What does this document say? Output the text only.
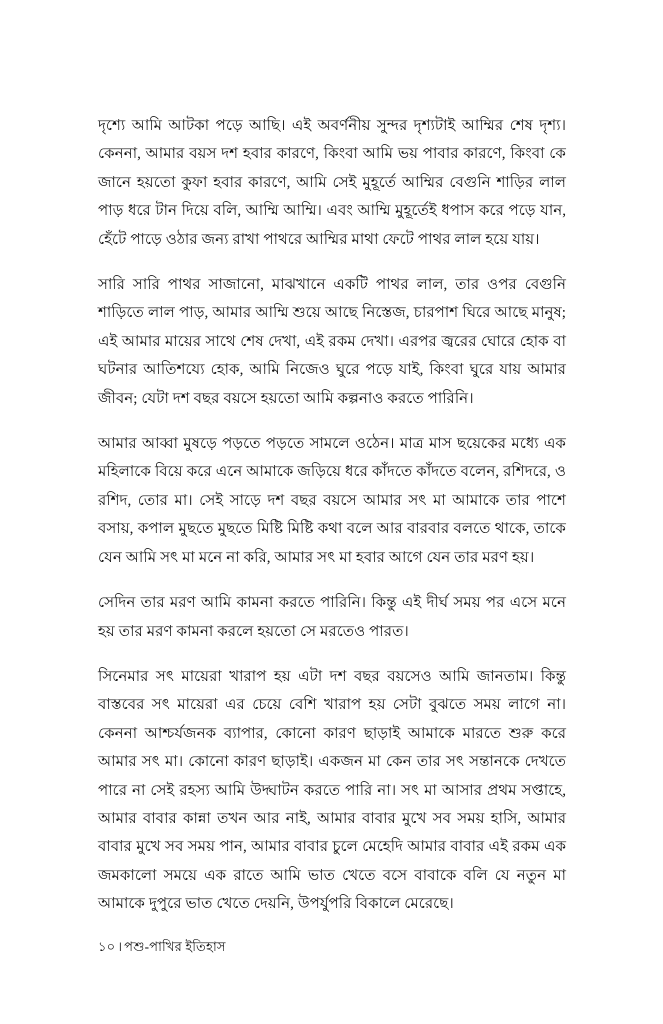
দৃশ্যে আমি আটকা পড়ে আছি। এই অবর্ণনীয় সুন্দর দৃশ্যটাই আম্মির শেষ দৃশ্য। কেননা, আমার বয়স দশ হবার কারণে, কিংবা আমি ভয় পাবার কারণে, কিংবা কে জানে হয়তো কুফা হবার কারণে, আমি সেই মুহূর্তে আম্মির বেগুনি শাড়ির লাল পাড় ধরে টান দিয়ে বলি, আম্মি আম্মি। এবং আম্মি মুহূর্তেই ধপাস করে পড়ে যান, হেঁটে পাড়ে ওঠার জন্য রাখা পাথরে আম্মির মাথা ফেটে পাথর লাল হয়ে যায়।

সারি সারি পাথর সাজানো, মাঝখানে একটি পাথর লাল, তার ওপর বেগুনি শাড়িতে লাল পাড়, আমার আম্মি শুয়ে আছে নিস্তেজ, চারপাশ ঘিরে আছে মানুষ; এই আমার মায়ের সাথে শেষ দেখা, এই রকম দেখা। এরপর জ্বরের ঘোরে হোক বা ঘটনার আতিশয্যে হোক, আমি নিজেও ঘুরে পড়ে যাই, কিংবা ঘুরে যায় আমার জীবন; যেটা দশ বছর বয়সে হয়তো আমি কল্পনাও করতে পারিনি।

আমার আব্বা মুষড়ে পড়তে পড়তে সামলে ওঠেন। মাত্র মাস ছয়েকের মধ্যে এক মহিলাকে বিয়ে করে এনে আমাকে জড়িয়ে ধরে কাঁদতে কাঁদতে বলেন, রশিদরে, ও রশিদ, তোর মা। সেই সাড়ে দশ বছর বয়সে আমার সৎ মা আমাকে তার পাশে বসায়, কপাল মুছতে মুছতে মিষ্টি মিষ্টি কথা বলে আর বারবার বলতে থাকে, তাকে যেন আমি সৎ মা মনে না করি, আমার সৎ মা হবার আগে যেন তার মরণ হয়।

সেদিন তার মরণ আমি কামনা করতে পারিনি। কিন্তু এই দীর্ঘ সময় পর এসে মনে হয় তার মরণ কামনা করলে হয়তো সে মরতেও পারত।

সিনেমার সৎ মায়েরা খারাপ হয় এটা দশ বছর বয়সেও আমি জানতাম। কিন্তু বাস্তবের সৎ মায়েরা এর চেয়ে বেশি খারাপ হয় সেটা বুঝতে সময় লাগে না। কেননা আশ্চর্যজনক ব্যাপার, কোনো কারণ ছাড়াই আমাকে মারতে শুরু করে আমার সৎ মা। কোনো কারণ ছাড়াই। একজন মা কেন তার সৎ সন্তানকে দেখতে পারে না সেই রহস্য আমি উদ্ঘাটন করতে পারি না। সৎ মা আসার প্রথম সপ্তাহে, আমার বাবার কান্না তখন আর নাই, আমার বাবার মুখে সব সময় হাসি, আমার বাবার মুখে সব সময় পান, আমার বাবার চুলে মেহেদি আমার বাবার এই রকম এক জমকালো সময়ে এক রাতে আমি ভাত খেতে বসে বাবাকে বলি যে নতুন মা আমাকে দুপুরে ভাত খেতে দেয়নি, উপর্যুপরি বিকালে মেরেছে।

১০ । পশু-পাখির ইতিহাস
